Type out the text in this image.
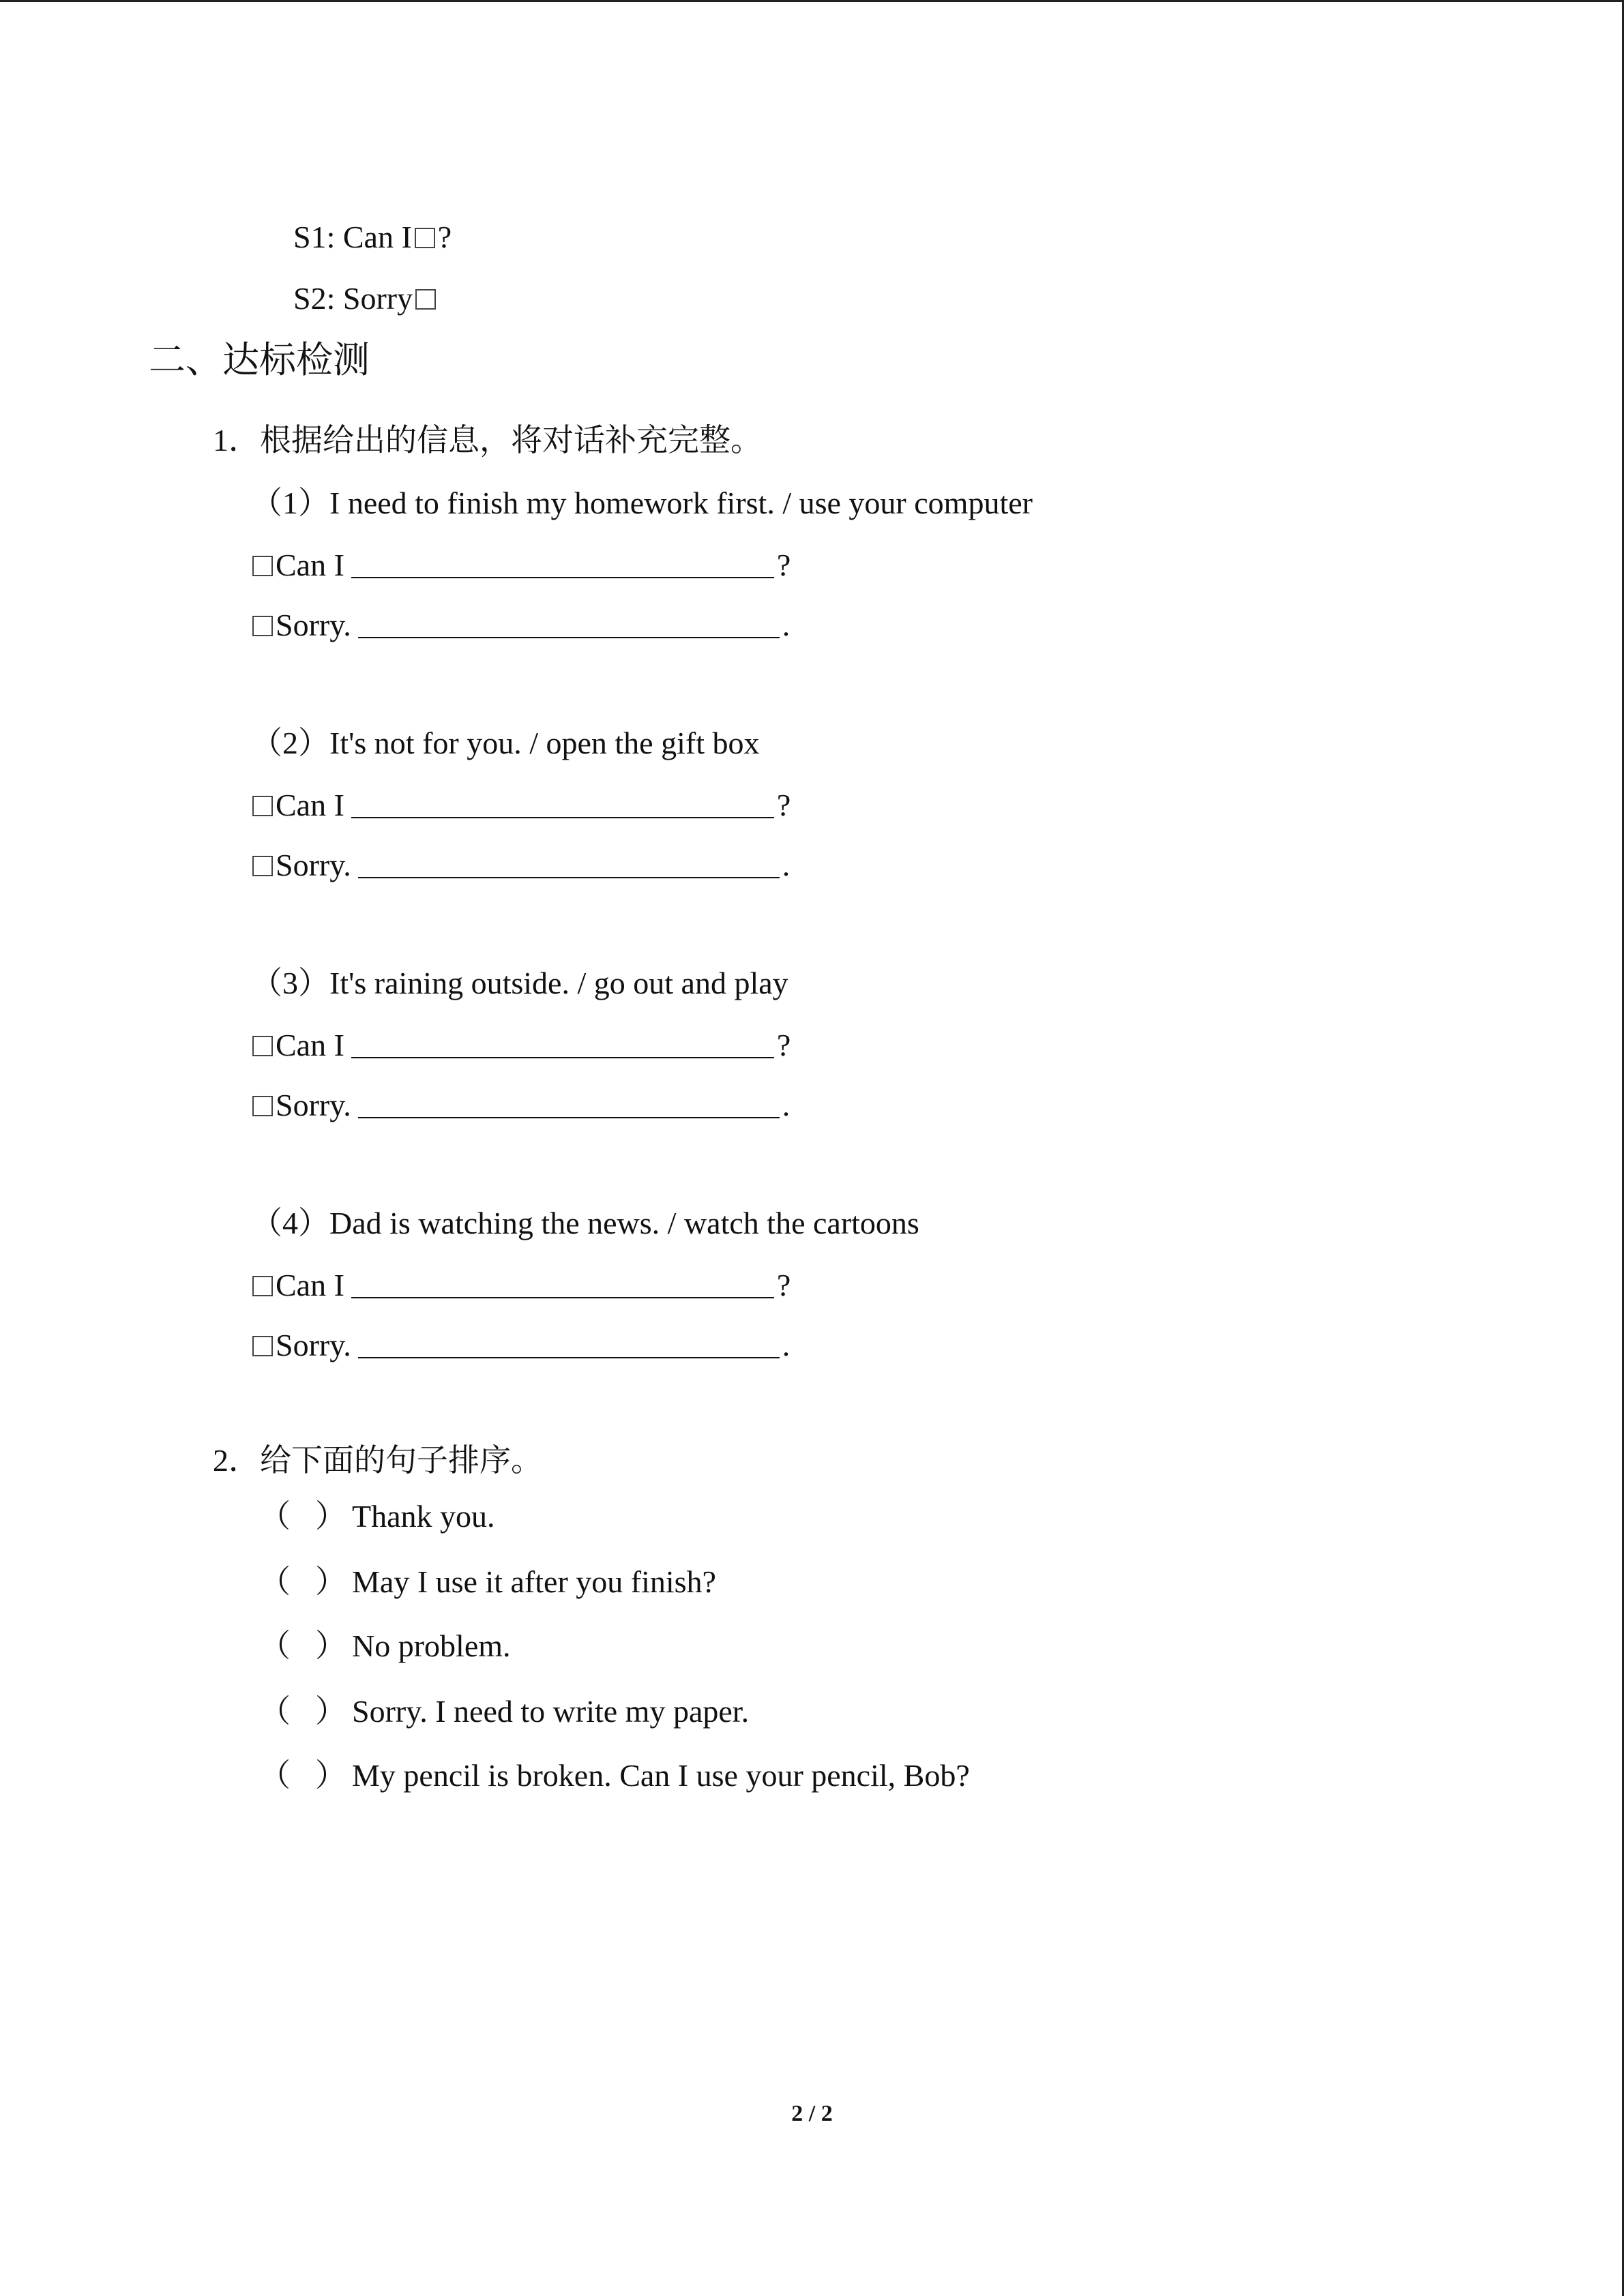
S1: Can I ?
S2: Sorry
二、达标检测
1．根据给出的信息，将对话补充完整。
（1）I need to finish my homework first. / use your computer
Can I	?
Sorry.	.
（2）It's not for you. / open the gift box
Can I	?
Sorry.	.
（3）It's raining outside. / go out and play
Can I	?
Sorry.	.
（4）Dad is watching the news. / watch the cartoons
Can I	?
Sorry.	.
2．给下面的句子排序。
（ ） Thank you.
（ ） May I use it after you finish?
（ ） No problem.
（ ） Sorry. I need to write my paper.
（ ） My pencil is broken. Can I use your pencil, Bob?
2 / 2
